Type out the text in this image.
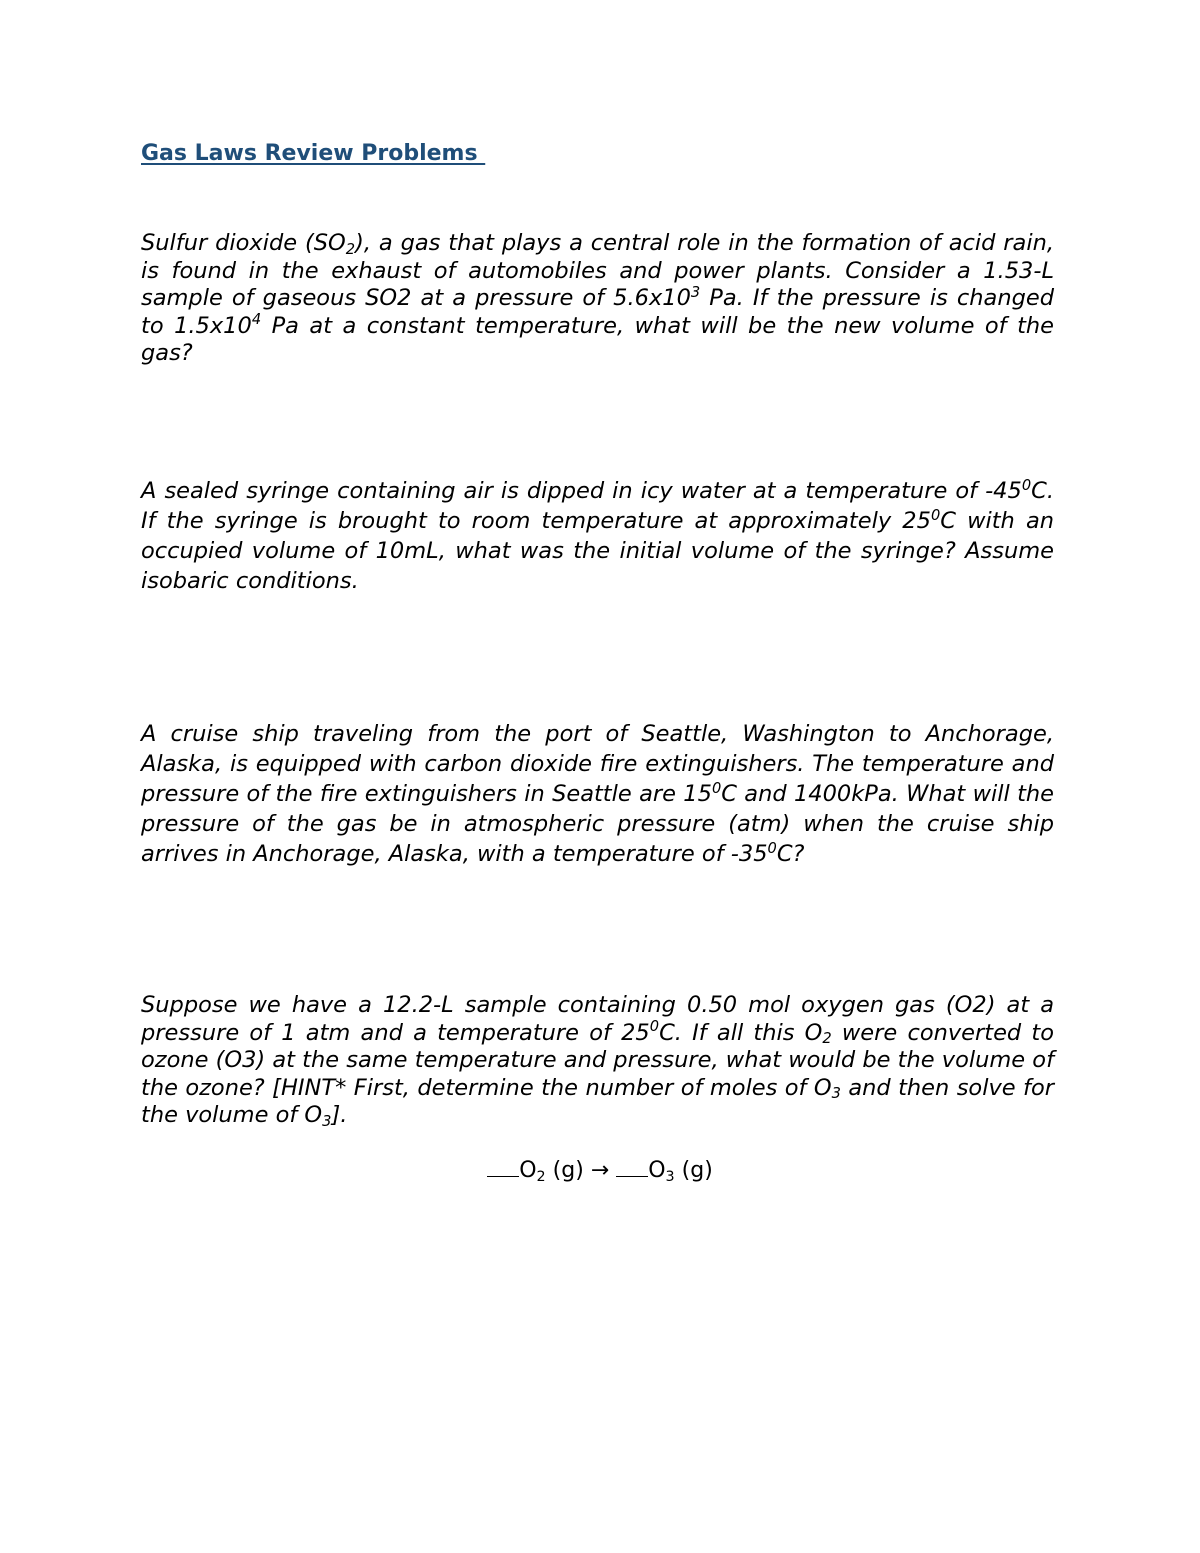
Gas Laws Review Problems

Sulfur dioxide $(SO_2)$, a gas that plays a central role in the formation of acid rain, is found in the exhaust of automobiles and power plants. Consider a 1.53-L sample of gaseous SO2 at a pressure of $5.6x10^3$ Pa. If the pressure is changed to $1.5x10^4$ Pa at a constant temperature, what will be the new volume of the gas?

A sealed syringe containing air is dipped in icy water at a temperature of $-45^0C$. If the syringe is brought to room temperature at approximately $25^0C$ with an occupied volume of 10mL, what was the initial volume of the syringe? Assume isobaric conditions.

A cruise ship traveling from the port of Seattle, Washington to Anchorage, Alaska, is equipped with carbon dioxide fire extinguishers. The temperature and pressure of the fire extinguishers in Seattle are $15^0C$ and 1400kPa. What will the pressure of the gas be in atmospheric pressure (atm) when the cruise ship arrives in Anchorage, Alaska, with a temperature of $-35^0C$?

Suppose we have a 12.2-L sample containing 0.50 mol oxygen gas (O2) at a pressure of 1 atm and a temperature of $25^0C$. If all this $O_2$ were converted to ozone (O3) at the same temperature and pressure, what would be the volume of the ozone? [HINT* First, determine the number of moles of $O_3$ and then solve for the volume of $O_3$].

$O_2$ $(g) \to O_3$ (g)
